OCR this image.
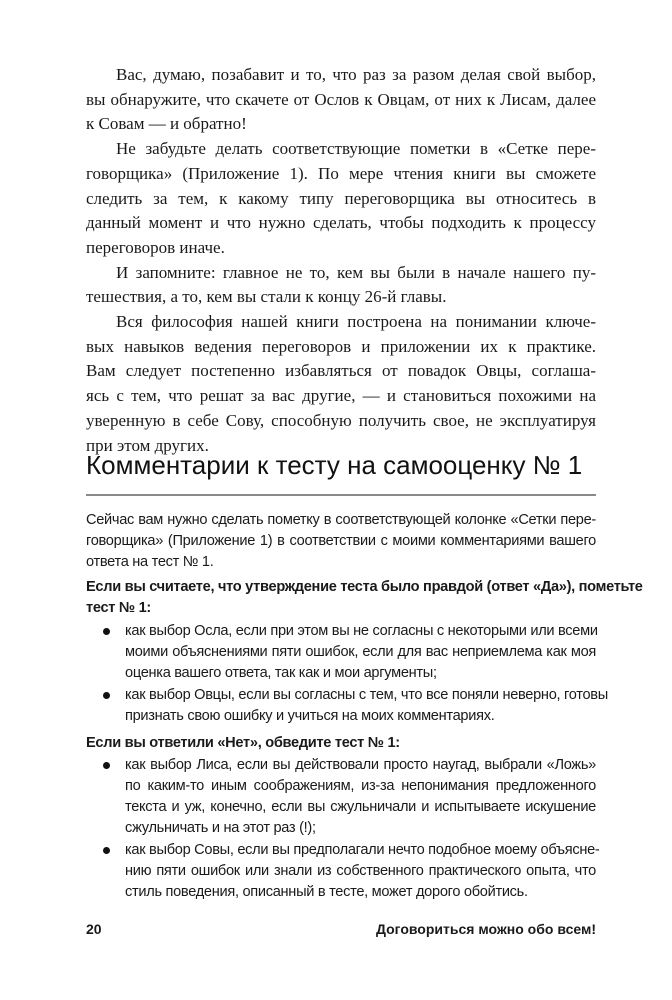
Комментарии к тесту на самооценку № 1
20	Договориться можно обо всем!
Вас, думаю, позабавит и то, что раз за разом делая свой выбор,
вы обнаружите, что скачете от Ослов к Овцам, от них к Лисам, далее
к Совам — и обратно!
Не забудьте делать соответствующие пометки в «Сетке пере-
говорщика» (Приложение 1). По мере чтения книги вы сможете
следить за тем, к какому типу переговорщика вы относитесь в
данный момент и что нужно сделать, чтобы подходить к процессу
переговоров иначе.
И запомните: главное не то, кем вы были в начале нашего пу-
тешествия, а то, кем вы стали к концу 26-й главы.
Вся философия нашей книги построена на понимании ключе-
вых навыков ведения переговоров и приложении их к практике.
Вам следует постепенно избавляться от повадок Овцы, соглаша-
ясь с тем, что решат за вас другие, — и становиться похожими на
уверенную в себе Сову, способную получить свое, не эксплуатируя
при этом других.
Сейчас вам нужно сделать пометку в соответствующей колонке «Сетки пере-
говорщика» (Приложение 1) в соответствии с моими комментариями вашего
ответа на тест № 1.
Если вы считаете, что утверждение теста было правдой (ответ «Да»), пометьте
тест № 1:
как выбор Осла, если при этом вы не согласны с некоторыми или всеми
моими объяснениями пяти ошибок, если для вас неприемлема как моя
оценка вашего ответа, так как и мои аргументы;
как выбор Овцы, если вы согласны с тем, что все поняли неверно, готовы
признать свою ошибку и учиться на моих комментариях.
Если вы ответили «Нет», обведите тест № 1:
как выбор Лиса, если вы действовали просто наугад, выбрали «Ложь»
по каким-то иным соображениям, из-за непонимания предложенного
текста и уж, конечно, если вы сжульничали и испытываете искушение
сжульничать и на этот раз (!);
как выбор Совы, если вы предполагали нечто подобное моему объясне-
нию пяти ошибок или знали из собственного практического опыта, что
стиль поведения, описанный в тесте, может дорого обойтись.
